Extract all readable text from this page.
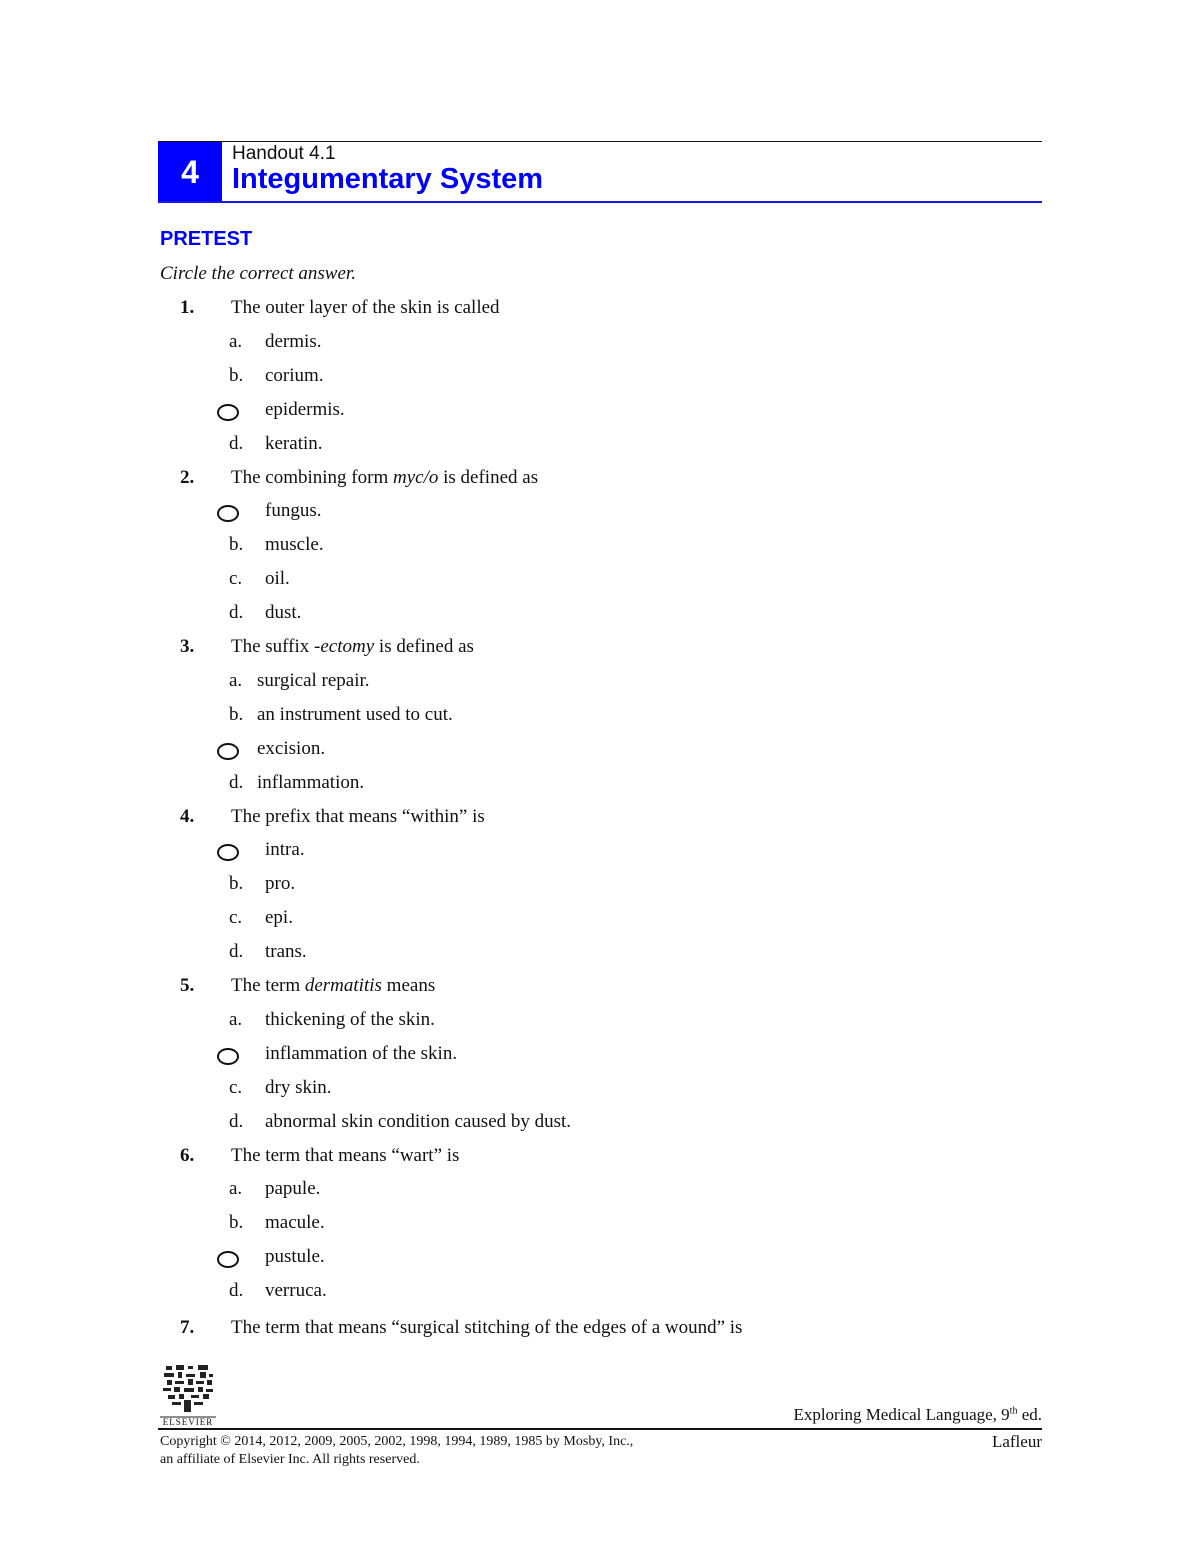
4	Handout 4.1
Integumentary System
PRETEST
Circle the correct answer.
1. The outer layer of the skin is called
a. dermis.
b. corium.
epidermis.
d. keratin.
2. The combining form myc/o is defined as
fungus.
b. muscle.
c. oil.
d. dust.
3. The suffix -ectomy is defined as
a. surgical repair.
b. an instrument used to cut.
excision.
d. inflammation.
4. The prefix that means “within” is
intra.
b. pro.
c. epi.
d. trans.
5. The term dermatitis means
a. thickening of the skin.
inflammation of the skin.
c. dry skin.
d. abnormal skin condition caused by dust.
6. The term that means “wart” is
a. papule.
b. macule.
pustule.
d. verruca.
7. The term that means “surgical stitching of the edges of a wound” is
ELSEVIER	Exploring Medical Language, 9th ed.
Copyright © 2014, 2012, 2009, 2005, 2002, 1998, 1994, 1989, 1985 by Mosby, Inc.,
an affiliate of Elsevier Inc. All rights reserved.
Lafleur
